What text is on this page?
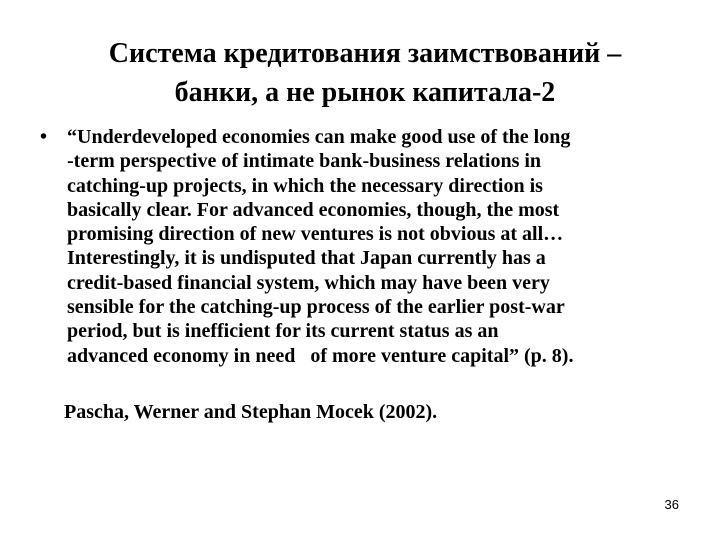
Система кредитования заимствований –
банки, а не рынок капитала-2
• “Underdeveloped economies can make good use of the long
-term perspective of intimate bank-business relations in
catching-up projects, in which the necessary direction is
basically clear. For advanced economies, though, the most
promising direction of new ventures is not obvious at all…
Interestingly, it is undisputed that Japan currently has a
credit-based financial system, which may have been very
sensible for the catching-up process of the earlier post-war
period, but is inefficient for its current status as an
advanced economy in need   of more venture capital” (p. 8).
Pascha, Werner and Stephan Mocek (2002).
36
